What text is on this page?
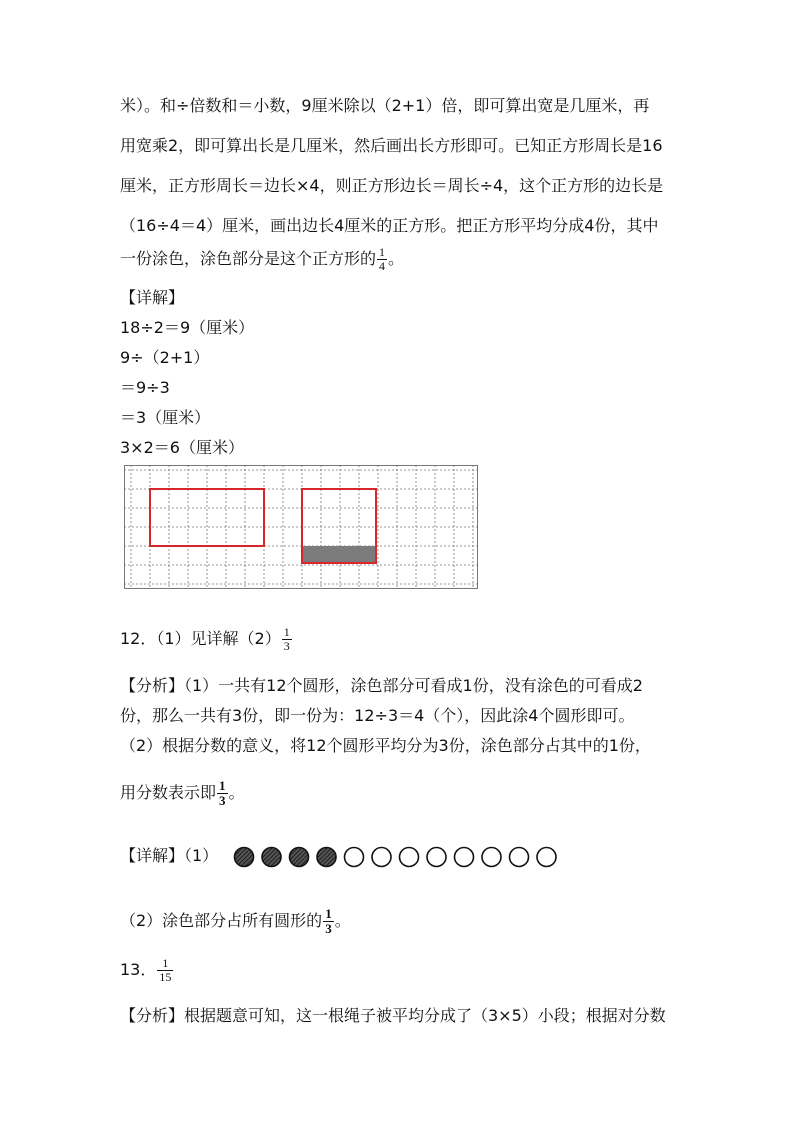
米）。和÷倍数和＝小数，9厘米除以（2+1）倍，即可算出宽是几厘米，再
用宽乘2，即可算出长是几厘米，然后画出长方形即可。已知正方形周长是16
厘米，正方形周长＝边长×4，则正方形边长＝周长÷4，这个正方形的边长是
（16÷4＝4）厘米，画出边长4厘米的正方形。把正方形平均分成4份，其中
一份涂色，涂色部分是这个正方形的 $\frac{1}{4}$ 。
【详解】
18÷2＝9（厘米）
9÷（2+1）
＝9÷3
＝3（厘米）
3×2＝6（厘米）
12．（1）见详解$(2) \frac{1}{3}$
【分析】（1）一共有12个圆形，涂色部分可看成1份，没有涂色的可看成2
份，那么一共有3份，即一份为：12÷3＝4（个），因此涂4个圆形即可。
（2）根据分数的意义，将12个圆形平均分为3份，涂色部分占其中的1份，
用分数表示即 $\frac{1}{3}$ 。
【详解】（1）
（2）涂色部分占所有圆形的 $\frac{1}{3}$ 。
13． $\frac{1}{15}$
【分析】根据题意可知，这一根绳子被平均分成了（3×5）小段；根据对分数
